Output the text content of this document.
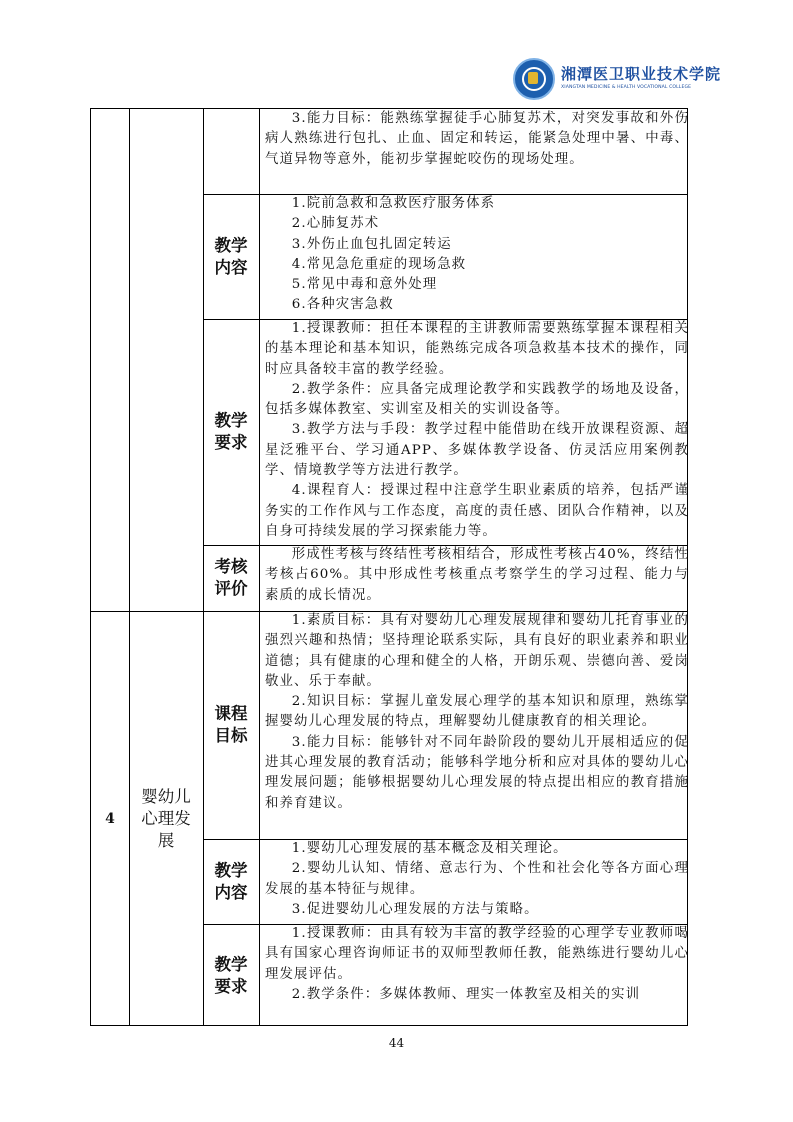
湘潭医卫职业技术学院
XIANGTAN MEDICINE & HEALTH VOCATIONAL COLLEGE

3.能力目标：能熟练掌握徒手心肺复苏术，对突发事故和外伤病人熟练进行包扎、止血、固定和转运，能紧急处理中暑、中毒、气道异物等意外，能初步掌握蛇咬伤的现场处理。

教学内容

1.院前急救和急救医疗服务体系

2.心肺复苏术

3.外伤止血包扎固定转运

4.常见急危重症的现场急救

5.常见中毒和意外处理

6.各种灾害急救

教学要求

1.授课教师：担任本课程的主讲教师需要熟练掌握本课程相关的基本理论和基本知识，能熟练完成各项急救基本技术的操作，同时应具备较丰富的教学经验。

2.教学条件：应具备完成理论教学和实践教学的场地及设备，包括多媒体教室、实训室及相关的实训设备等。

3.教学方法与手段：教学过程中能借助在线开放课程资源、超星泛雅平台、学习通APP、多媒体教学设备、仿灵活应用案例教学、情境教学等方法进行教学。

4.课程育人：授课过程中注意学生职业素质的培养，包括严谨务实的工作作风与工作态度，高度的责任感、团队合作精神，以及自身可持续发展的学习探索能力等。

考核评价

形成性考核与终结性考核相结合，形成性考核占40%，终结性考核占60%。其中形成性考核重点考察学生的学习过程、能力与素质的成长情况。

4
婴幼儿心理发展
课程目标

1.素质目标：具有对婴幼儿心理发展规律和婴幼儿托育事业的强烈兴趣和热情；坚持理论联系实际，具有良好的职业素养和职业道德；具有健康的心理和健全的人格，开朗乐观、崇德向善、爱岗敬业、乐于奉献。

2.知识目标：掌握儿童发展心理学的基本知识和原理，熟练掌握婴幼儿心理发展的特点，理解婴幼儿健康教育的相关理论。

3.能力目标：能够针对不同年龄阶段的婴幼儿开展相适应的促进其心理发展的教育活动；能够科学地分析和应对具体的婴幼儿心理发展问题；能够根据婴幼儿心理发展的特点提出相应的教育措施和养育建议。

教学内容

1.婴幼儿心理发展的基本概念及相关理论。

2.婴幼儿认知、情绪、意志行为、个性和社会化等各方面心理发展的基本特征与规律。

3.促进婴幼儿心理发展的方法与策略。

教学要求

1.授课教师：由具有较为丰富的教学经验的心理学专业教师喝具有国家心理咨询师证书的双师型教师任教，能熟练进行婴幼儿心理发展评估。

2.教学条件：多媒体教师、理实一体教室及相关的实训

44
